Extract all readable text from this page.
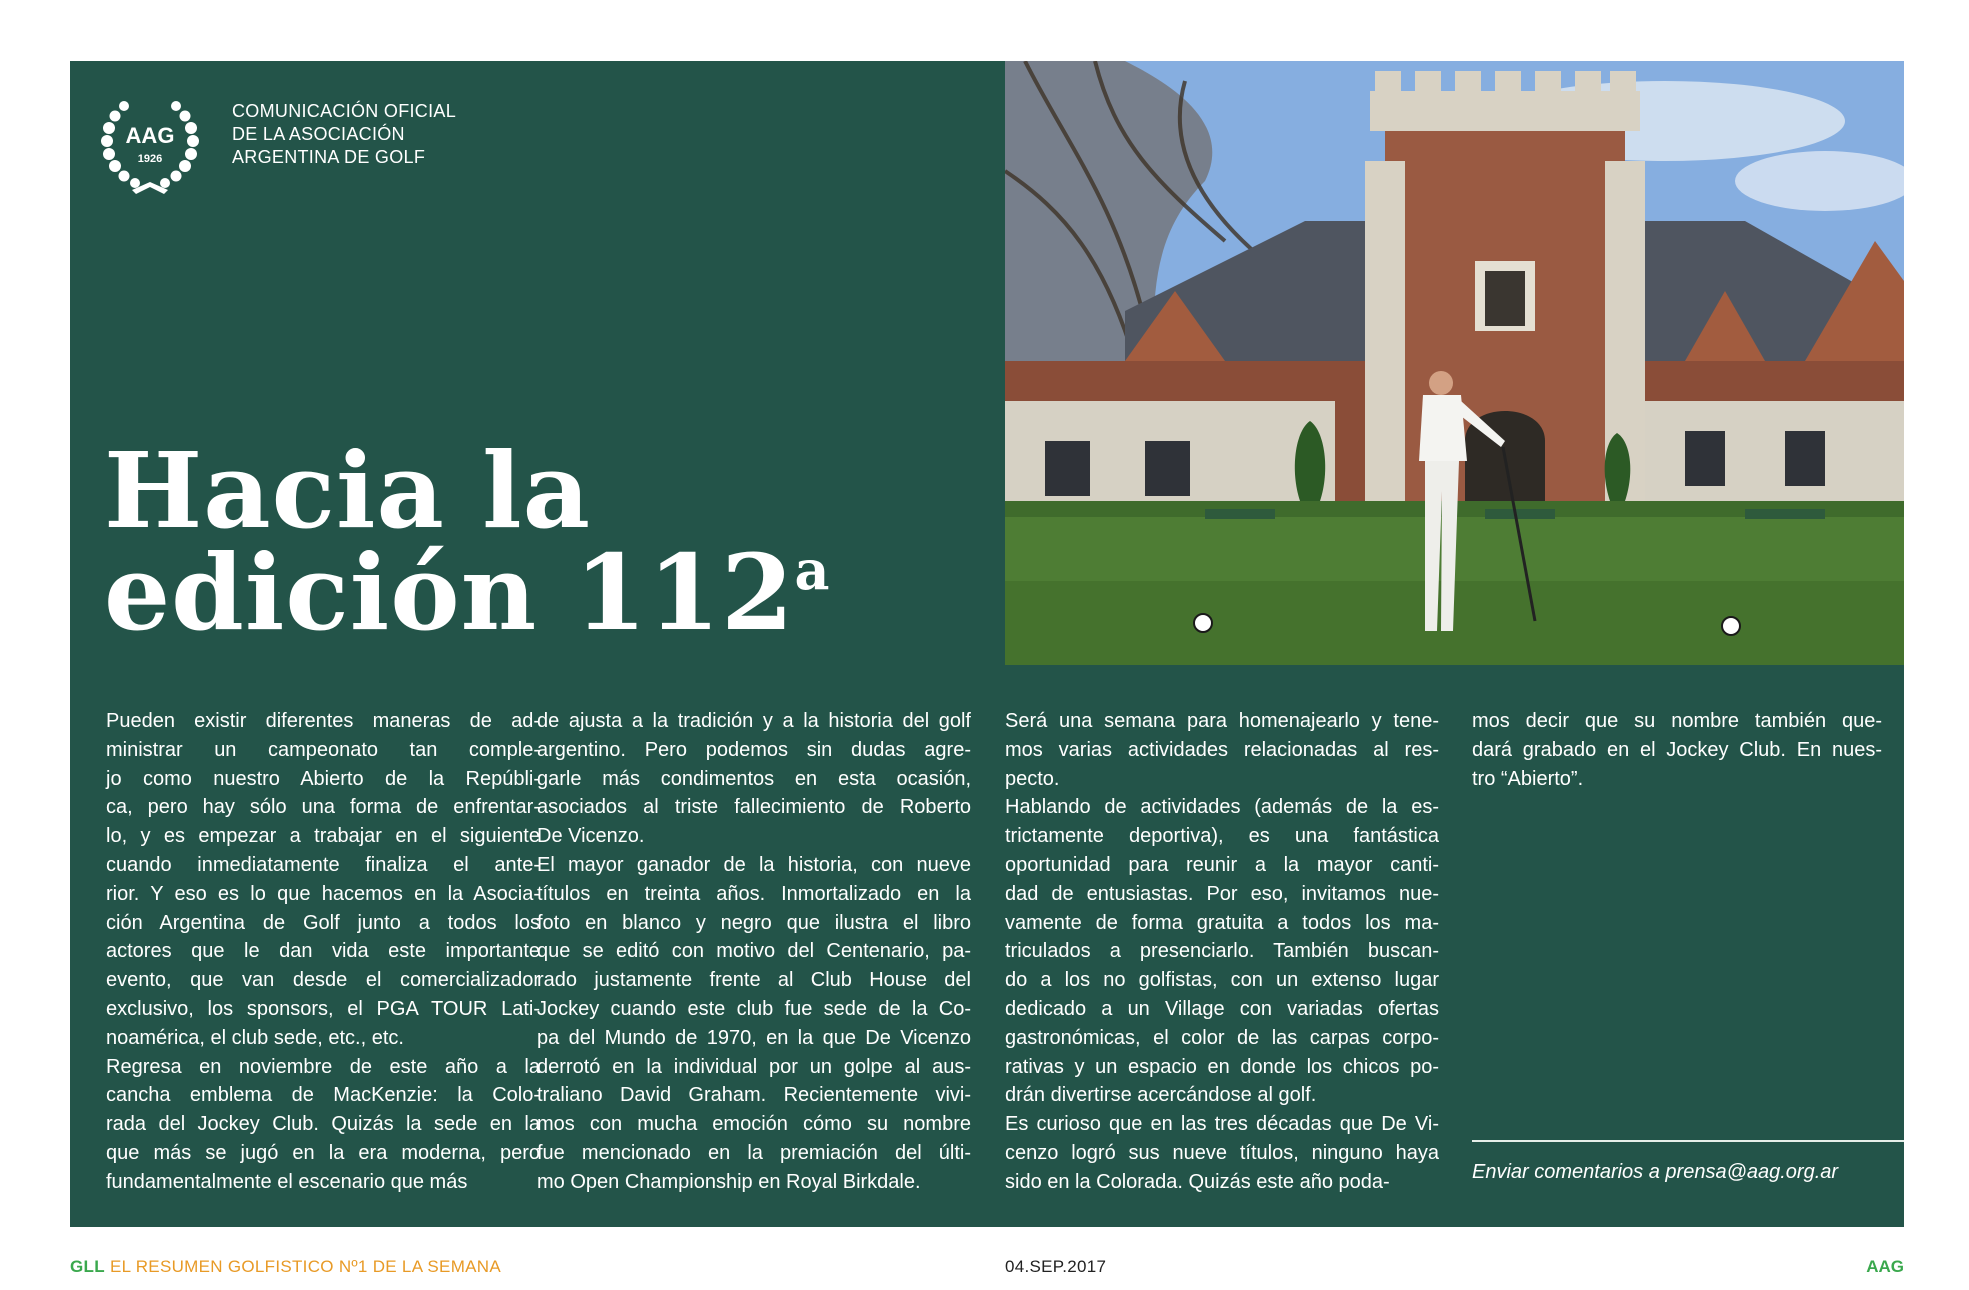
AAG
1926
COMUNICACIÓN OFICIAL
DE LA ASOCIACIÓN
ARGENTINA DE GOLF
Hacia la
edición 112$^a$
Pueden existir diferentes maneras de ad-
ministrar un campeonato tan comple-
jo como nuestro Abierto de la Repúbli-
ca, pero hay sólo una forma de enfrentar-
lo, y es empezar a trabajar en el siguiente
cuando inmediatamente finaliza el ante-
rior. Y eso es lo que hacemos en la Asocia-
ción Argentina de Golf junto a todos los
actores que le dan vida este importante
evento, que van desde el comercializador
exclusivo, los sponsors, el PGA TOUR Lati-
noamérica, el club sede, etc., etc.
Regresa en noviembre de este año a la
cancha emblema de MacKenzie: la Colo-
rada del Jockey Club. Quizás la sede en la
que más se jugó en la era moderna, pero
fundamentalmente el escenario que más
de ajusta a la tradición y a la historia del golf
argentino. Pero podemos sin dudas agre-
garle más condimentos en esta ocasión,
asociados al triste fallecimiento de Roberto
De Vicenzo.
El mayor ganador de la historia, con nueve
títulos en treinta años. Inmortalizado en la
foto en blanco y negro que ilustra el libro
que se editó con motivo del Centenario, pa-
rado justamente frente al Club House del
Jockey cuando este club fue sede de la Co-
pa del Mundo de 1970, en la que De Vicenzo
derrotó en la individual por un golpe al aus-
traliano David Graham. Recientemente vivi-
mos con mucha emoción cómo su nombre
fue mencionado en la premiación del últi-
mo Open Championship en Royal Birkdale.
Será una semana para homenajearlo y tene-
mos varias actividades relacionadas al res-
pecto.
Hablando de actividades (además de la es-
trictamente deportiva), es una fantástica
oportunidad para reunir a la mayor canti-
dad de entusiastas. Por eso, invitamos nue-
vamente de forma gratuita a todos los ma-
triculados a presenciarlo. También buscan-
do a los no golfistas, con un extenso lugar
dedicado a un Village con variadas ofertas
gastronómicas, el color de las carpas corpo-
rativas y un espacio en donde los chicos po-
drán divertirse acercándose al golf.
Es curioso que en las tres décadas que De Vi-
cenzo logró sus nueve títulos, ninguno haya
sido en la Colorada. Quizás este año poda-
mos decir que su nombre también que-
dará grabado en el Jockey Club. En nues-
tro “Abierto”.
Enviar comentarios a prensa@aag.org.ar
GLL EL RESUMEN GOLFISTICO Nº1 DE LA SEMANA	04.SEP.2017	AAG
